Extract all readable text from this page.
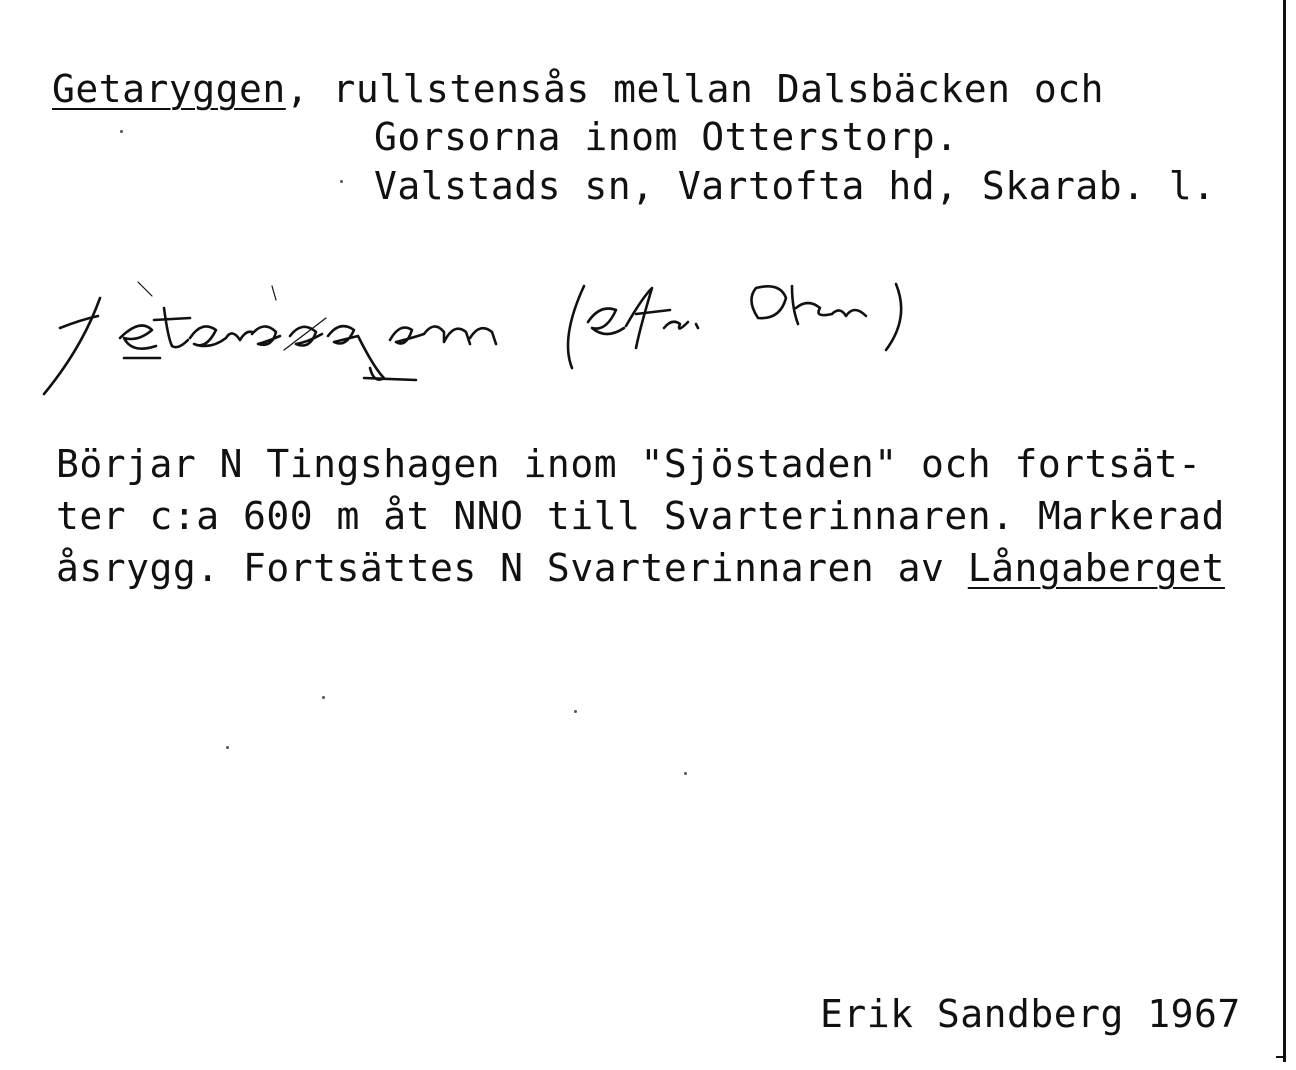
Getaryggen, rullstensås mellan Dalsbäcken och
Gorsorna inom Otterstorp.
Valstads sn, Vartofta hd, Skarab. l.
Börjar N Tingshagen inom "Sjöstaden" och fortsät-
ter c:a 600 m åt NNO till Svarterinnaren. Markerad
åsrygg. Fortsättes N Svarterinnaren av Långaberget
Erik Sandberg 1967
